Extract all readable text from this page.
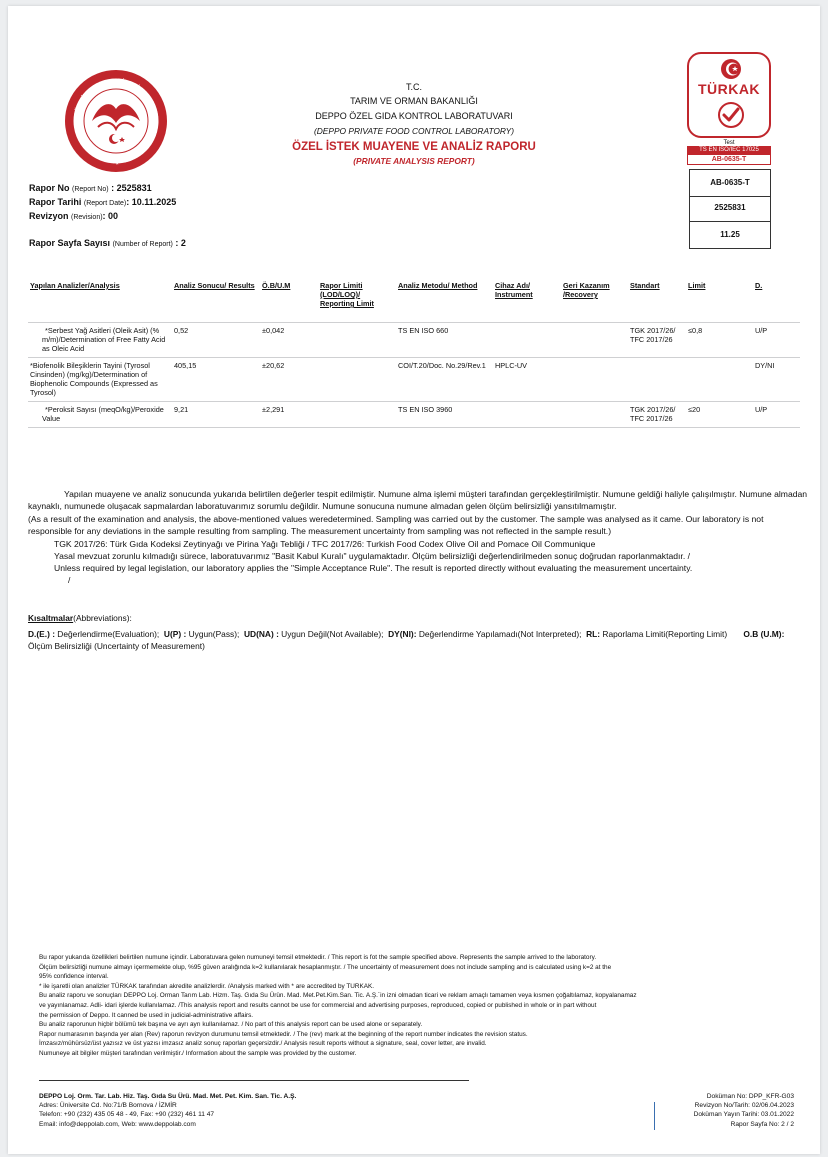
TÜRKİYE CUMHURİYETİ TARIM VE ORMAN BAKANLIĞI
T.C.
TARIM VE ORMAN BAKANLIĞI
DEPPO ÖZEL GIDA KONTROL LABORATUVARI
(DEPPO PRIVATE FOOD CONTROL LABORATORY)
ÖZEL İSTEK MUAYENE VE ANALİZ RAPORU
(PRIVATE ANALYSIS REPORT)
TÜRKAK
Test
TS EN ISO/IEC 17025
AB-0635-T
AB-0635-T
2525831
11.25
Rapor No (Report No) : 2525831
Rapor Tarihi (Report Date): 10.11.2025
Revizyon (Revision): 00
Rapor Sayfa Sayısı (Number of Report) : 2
Yapılan Analizler/Analysis	Analiz Sonucu/ Results	Ö.B/U.M	Rapor Limiti (LOD/LOQ)/ Reporting Limit	Analiz Metodu/ Method	Cihaz Adı/ Instrument	Geri Kazanım /Recovery	Standart	Limit	D.
*Serbest Yağ Asitleri (Oleik Asit) (% m/m)/Determination of Free Fatty Acid as Oleic Acid	0,52	±0,042		TS EN ISO 660			TGK 2017/26/ TFC 2017/26	≤0,8	U/P
*Biofenolik Bileşiklerin Tayini (Tyrosol Cinsinden) (mg/kg)/Determination of Biophenolic Compounds (Expressed as Tyrosol)	405,15	±20,62		COI/T.20/Doc. No.29/Rev.1	HPLC-UV				DY/NI
*Peroksit Sayısı (meqO/kg)/Peroxide Value	9,21	±2,291		TS EN ISO 3960			TGK 2017/26/ TFC 2017/26	≤20	U/P
Yapılan muayene ve analiz sonucunda yukarıda belirtilen değerler tespit edilmiştir. Numune alma işlemi müşteri tarafından gerçekleştirilmiştir. Numune geldiği haliyle çalışılmıştır. Numune almadan kaynaklı, numunede oluşacak sapmalardan laboratuvarımız sorumlu değildir. Numune sonucuna numune almadan gelen ölçüm belirsizliği yansıtılmamıştır.
(As a result of the examination and analysis, the above-mentioned values weredetermined. Sampling was carried out by the customer. The sample was analysed as it came. Our laboratory is not responsible for any deviations in the sample resulting from sampling. The measurement uncertainty from sampling was not reflected in the sample result.)
TGK 2017/26: Türk Gıda Kodeksi Zeytinyağı ve Pirina Yağı Tebliği / TFC 2017/26: Turkish Food Codex Olive Oil and Pomace Oil Communique
Yasal mevzuat zorunlu kılmadığı sürece, laboratuvarımız "Basit Kabul Kuralı" uygulamaktadır. Ölçüm belirsizliği değerlendirilmeden sonuç doğrudan raporlanmaktadır. /
Unless required by legal legislation, our laboratory applies the "Simple Acceptance Rule". The result is reported directly without evaluating the measurement uncertainty.
/
Kısaltmalar(Abbreviations):
D.(E.) : Değerlendirme(Evaluation); U(P) : Uygun(Pass); UD(NA) : Uygun Değil(Not Available); DY(NI): Değerlendirme Yapılamadı(Not Interpreted); RL: Raporlama Limiti(Reporting Limit) O.B (U.M): Ölçüm Belirsizliği (Uncertainty of Measurement)
Bu rapor yukarıda özellikleri belirtilen numune içindir. Laboratuvara gelen numuneyi temsil etmektedir. / This report is fot the sample specified above. Represents the sample arrived to the laboratory.
Ölçüm belirsizliği numune almayı içermemekte olup, %95 güven aralığında k=2 kullanılarak hesaplanmıştır. / The uncertainty of measurement does not include sampling and is calculated using k=2 at the
95% confidence interval.
* ile işaretli olan analizler TÜRKAK tarafından akredite analizlerdir. /Analysis marked with * are accredited by TURKAK.
Bu analiz raporu ve sonuçları DEPPO Loj. Orman Tarım Lab. Hizm. Taş. Gıda Su Ürün. Mad. Met.Pet.Kim.San. Tic. A.Ş.´in izni olmadan ticari ve reklam amaçlı tamamen veya kısmen çoğaltılamaz, kopyalanamaz
ve yayınlanamaz. Adli- idari işlerde kullanılamaz. /This analysis report and results cannot be use for commercial and advertising purposes, reproduced, copied or published in whole or in part without
the permission of Deppo. It canned be used in judicial-administrative affairs.
Bu analiz raporunun hiçbir bölümü tek başına ve ayrı ayrı kullanılamaz. / No part of this analysis report can be used alone or separately.
Rapor numarasının başında yer alan (Rev) raporun revizyon durumunu temsil etmektedir. / The (rev) mark at the beginning of the report number indicates the revision status.
İmzasız/mühürsüz/üst yazısız ve üst yazısı imzasız analiz sonuç raporları geçersizdir./ Analysis result reports without a signature, seal, cover letter, are invalid.
Numuneye ait bilgiler müşteri tarafından verilmiştir./ Information about the sample was provided by the customer.
DEPPO Loj. Orm. Tar. Lab. Hiz. Taş. Gıda Su Ürü. Mad. Met. Pet. Kim. San. Tic. A.Ş.
Adres: Üniversite Cd. No:71/B Bornova / İZMİR
Telefon: +90 (232) 435 05 48 - 49, Fax: +90 (232) 461 11 47
Email: info@deppolab.com, Web: www.deppolab.com
Doküman No: DPP_KFR-G03
Revizyon No/Tarih: 02/06.04.2023
Doküman Yayın Tarihi: 03.01.2022
Rapor Sayfa No: 2 / 2
